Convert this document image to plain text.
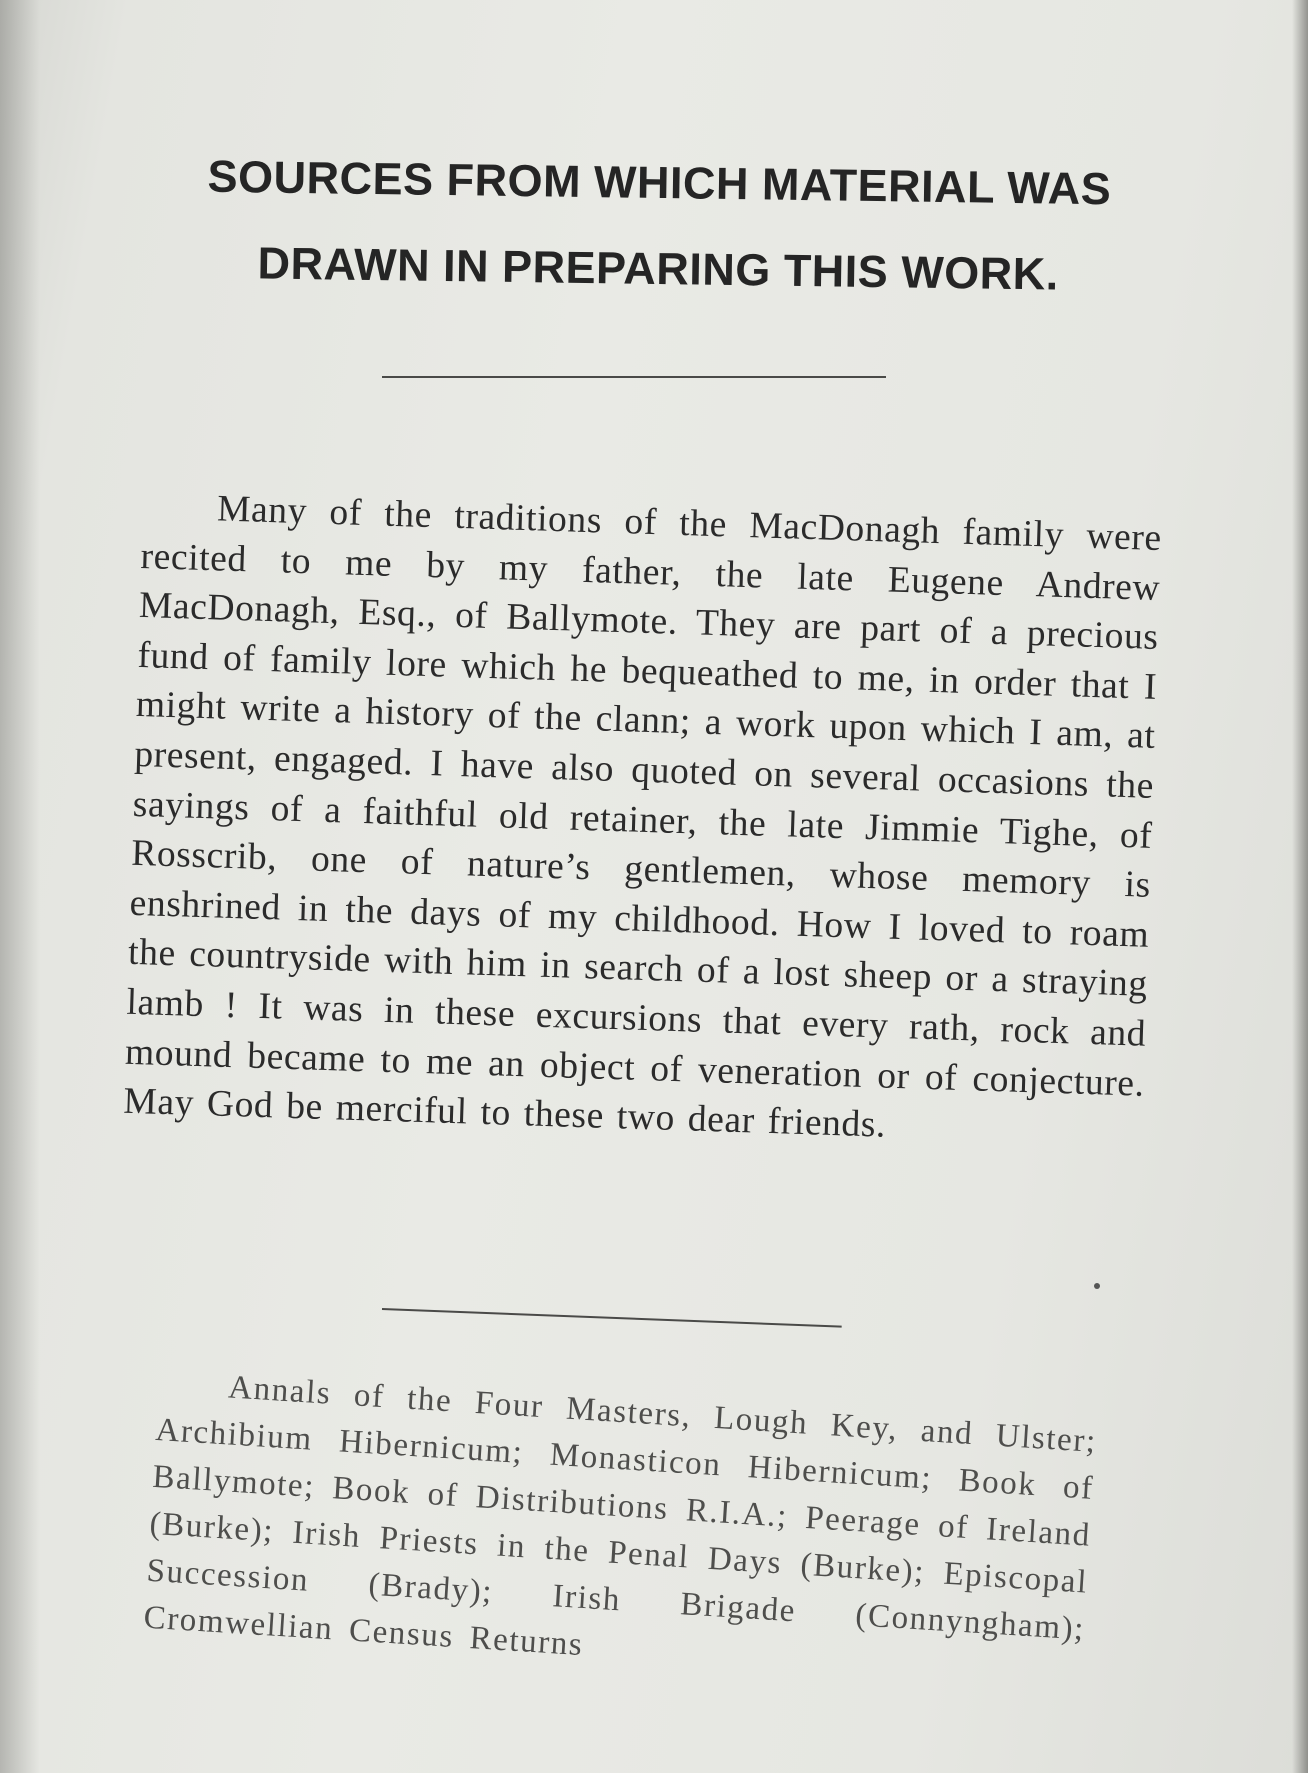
SOURCES FROM WHICH MATERIAL WAS
DRAWN IN PREPARING THIS WORK.

Many of the traditions of the MacDonagh family were recited to me by my father, the late Eugene Andrew MacDonagh, Esq., of Ballymote. They are part of a precious fund of family lore which he bequeathed to me, in order that I might write a history of the clann; a work upon which I am, at present, engaged. I have also quoted on several occasions the sayings of a faithful old retainer, the late Jimmie Tighe, of Rosscrib, one of nature’s gentlemen, whose memory is enshrined in the days of my childhood. How I loved to roam the countryside with him in search of a lost sheep or a straying lamb ! It was in these excursions that every rath, rock and mound became to me an object of veneration or of conjecture. May God be merciful to these two dear friends.

Annals of the Four Masters, Lough Key, and Ulster; Archibium Hibernicum; Monasticon Hibernicum; Book of Ballymote; Book of Distributions R.I.A.; Peerage of Ireland (Burke); Irish Priests in the Penal Days (Burke); Episcopal Succession (Brady); Irish Brigade (Connyngham); Cromwellian Census Returns
